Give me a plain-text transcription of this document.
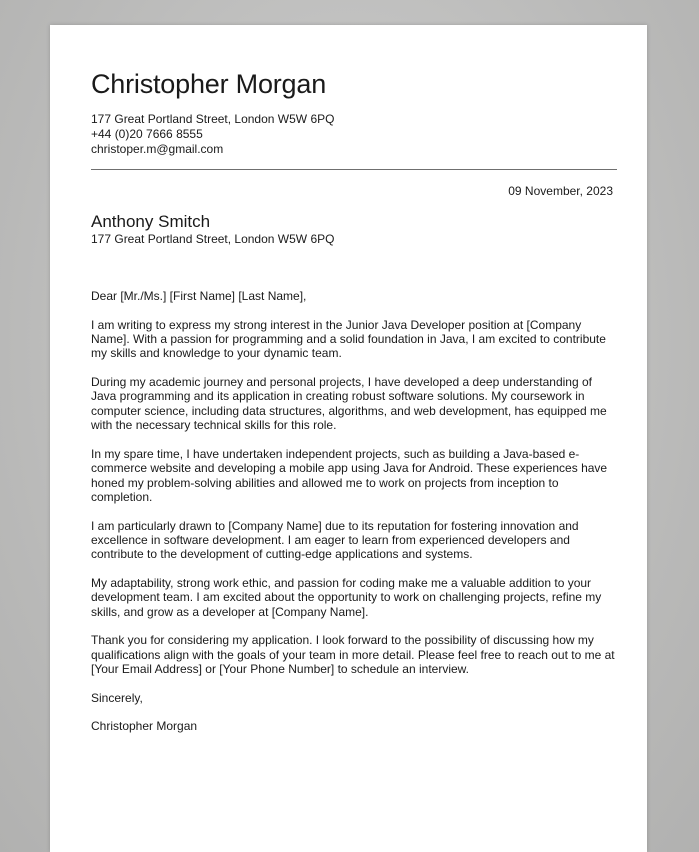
Christopher Morgan
177 Great Portland Street, London W5W 6PQ
+44 (0)20 7666 8555
christoper.m@gmail.com
09 November, 2023
Anthony Smitch
177 Great Portland Street, London W5W 6PQ

Dear [Mr./Ms.] [First Name] [Last Name],

I am writing to express my strong interest in the Junior Java Developer position at [Company Name]. With a passion for programming and a solid foundation in Java, I am excited to contribute my skills and knowledge to your dynamic team.

During my academic journey and personal projects, I have developed a deep understanding of Java programming and its application in creating robust software solutions. My coursework in computer science, including data structures, algorithms, and web development, has equipped me with the necessary technical skills for this role.

In my spare time, I have undertaken independent projects, such as building a Java-based e-commerce website and developing a mobile app using Java for Android. These experiences have honed my problem-solving abilities and allowed me to work on projects from inception to completion.

I am particularly drawn to [Company Name] due to its reputation for fostering innovation and excellence in software development. I am eager to learn from experienced developers and contribute to the development of cutting-edge applications and systems.

My adaptability, strong work ethic, and passion for coding make me a valuable addition to your development team. I am excited about the opportunity to work on challenging projects, refine my skills, and grow as a developer at [Company Name].

Thank you for considering my application. I look forward to the possibility of discussing how my qualifications align with the goals of your team in more detail. Please feel free to reach out to me at [Your Email Address] or [Your Phone Number] to schedule an interview.

Sincerely,

Christopher Morgan
